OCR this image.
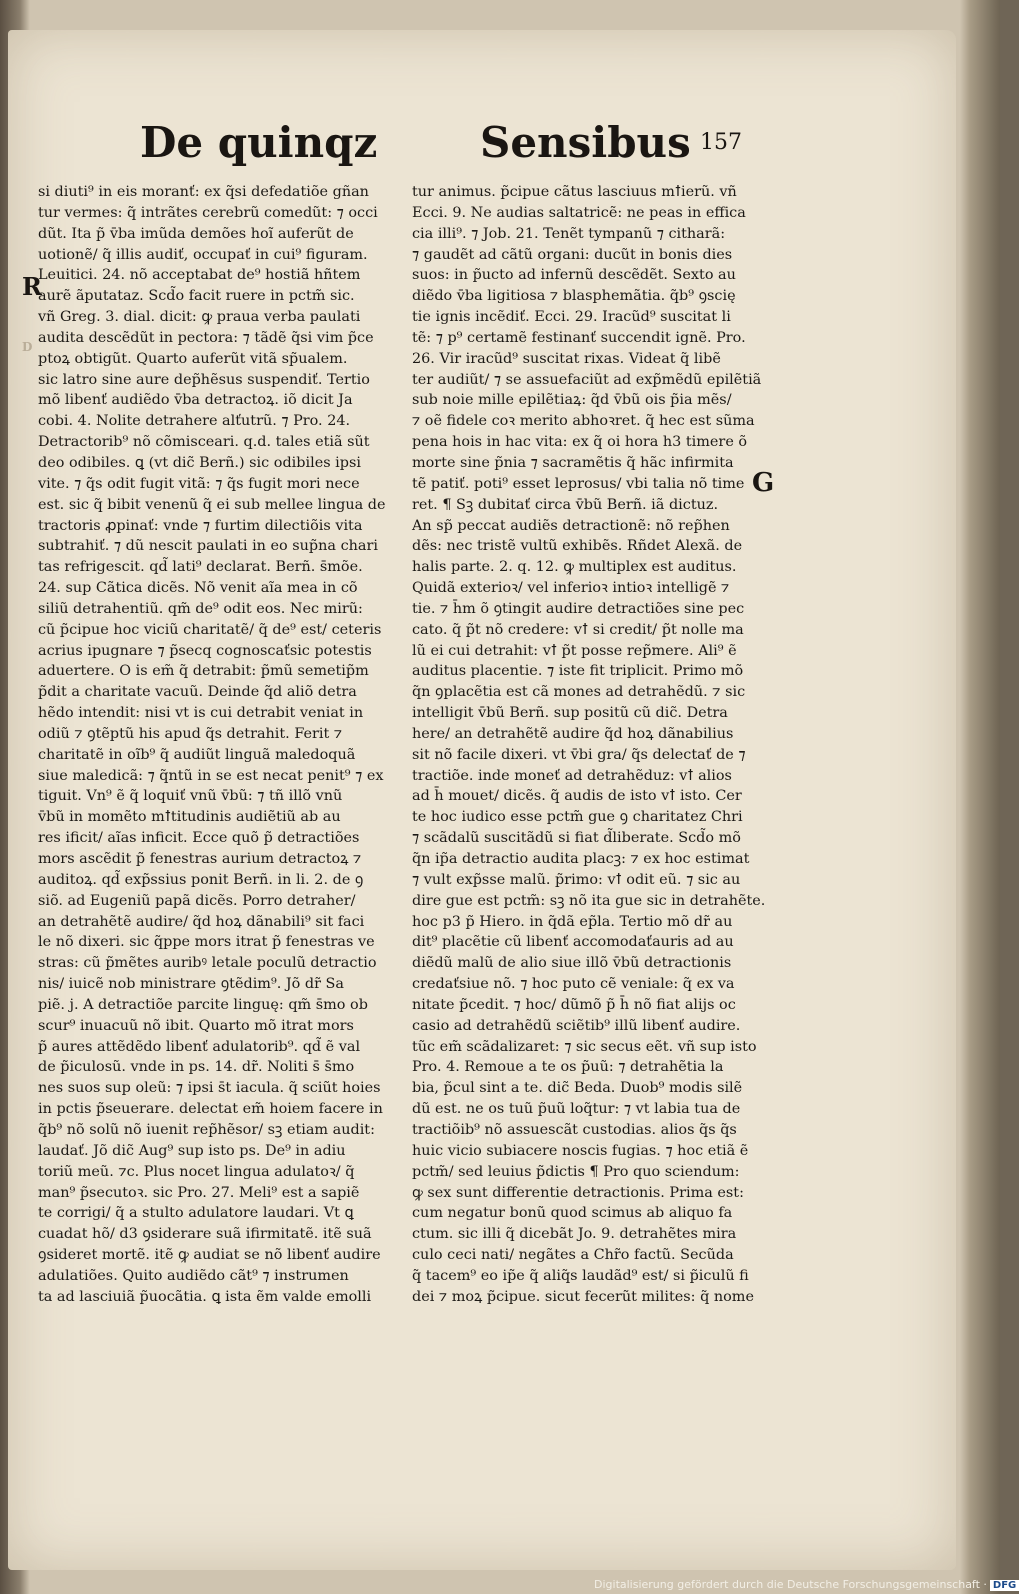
De quinqz Sensibus 157
R
D
G
si diuti⁹ in eis moranť: ex q̃si defedatiõe gñan
tur vermes: q̃ intrãtes cerebrũ comedũt: ⁊ occi
dũt. Ita p̃ v̄ba imũda demões hoĩ auferũt de
uotionẽ/ q̃ illis audiť, occupať in cui⁹ figuram.
Leuitici. 24. nõ acceptabat de⁹ hostiã hñtem
aurẽ ãputataz. Scd̃o facit ruere in pctm̃ sic.
vñ Greg. 3. dial. dicit: ꝙ praua verba paulati
audita descẽdũt in pectora: ⁊ tãdẽ q̃si vim p̃ce
ptoꝝ obtigũt. Quarto auferũt vitã sp̃ualem.
sic latro sine aure dep̃hẽsus suspendiť. Tertio
mõ libenť audiẽdo v̄ba detractoꝝ. iõ dicit Ja
cobi. 4. Nolite detrahere alťutrũ. ⁊ Pro. 24.
Detractorib⁹ nõ cõmisceari. q.d. tales etiã sũt
deo odibiles. ꝗ (vt dic̃ Berñ.) sic odibiles ipsi
vite. ⁊ q̃s odit fugit vitã: ⁊ q̃s fugit mori nece
est. sic q̃ bibit venenũ q̃ ei sub mellee lingua de
tractoris ꝓpinať: vnde ⁊ furtim dilectiõis vita
subtrahiť. ⁊ dũ nescit paulati in eo sup̃na chari
tas refrigescit. qd̃ lati⁹ declarat. Berñ. s̄mõe.
24. sup Cãtica dicẽs. Nõ venit aĩa mea in cõ
siliũ detrahentiũ. qm̃ de⁹ odit eos. Nec mirũ:
cũ p̃cipue hoc viciũ charitatẽ/ q̃ de⁹ est/ ceteris
acrius ipugnare ⁊ p̃secq cognoscaťsic potestis
aduertere. O is em̃ q̃ detrabit: p̃mũ semetip̃m
p̃dit a charitate vacuũ. Deinde q̃d aliõ detra
hẽdo intendit: nisi vt is cui detrabit veniat in
odiũ ⁊ ꝯtẽptũ his apud q̃s detrahit. Ferit ⁊
charitatẽ in oĩb⁹ q̃ audiũt linguã maledoquã
siue maledicã: ⁊ q̃ntũ in se est necat penit⁹ ⁊ ex
tiguit. Vn⁹ ẽ q̃ loquiť vnũ v̄bũ: ⁊ tñ illõ vnũ
v̄bũ in momẽto mꝉtitudinis audiẽtiũ ab au
res ificit/ aĩas inficit. Ecce quõ p̃ detractiões
mors ascẽdit p̃ fenestras aurium detractoꝝ ⁊
auditoꝝ. qd̃ exp̃ssius ponit Berñ. in li. 2. de ꝯ
siõ. ad Eugeniũ papã dicẽs. Porro detraher/
an detrahẽtẽ audire/ q̃d hoꝝ dãnabili⁹ sit faci
le nõ dixeri. sic q̃ppe mors itrat p̃ fenestras ve
stras: cũ p̃mẽtes auribꝰ letale poculũ detractio
nis/ iuicẽ nob ministrare ꝯtẽdim⁹. Jõ dr̃ Sa
piẽ. j. A detractiõe parcite linguę: qm̃ s̄mo ob
scur⁹ inuacuũ nõ ibit. Quarto mõ itrat mors
p̃ aures attẽdẽdo libenť adulatorib⁹. qd̃ ẽ val
de p̃iculosũ. vnde in ps. 14. dr̃. Noliti s̄ s̄mo
nes suos sup oleũ: ⁊ ipsi s̄t iacula. q̃ sciũt hoies
in pctis p̃seuerare. delectat em̃ hoiem facere in
q̃b⁹ nõ solũ nõ iuenit rep̃hẽsor/ sꝫ etiam audit:
laudať. Jõ dic̃ Aug⁹ sup isto ps. De⁹ in adiu
toriũ meũ. ⁊c. Plus nocet lingua adulatoꝛ/ q̃
man⁹ p̃secutoꝛ. sic Pro. 27. Meli⁹ est a sapiẽ
te corrigi/ q̃ a stulto adulatore laudari. Vt ꝗ
cuadat hõ/ d3 ꝯsiderare suã ifirmitatẽ. itẽ suã
ꝯsideret mortẽ. itẽ ꝙ audiat se nõ libenť audire
adulatiões. Quito audiẽdo cãt⁹ ⁊ instrumen
ta ad lasciuiã p̃uocãtia. ꝗ ista ẽm valde emolli
tur animus. p̃cipue cãtus lasciuus mꝉierũ. vñ
Ecci. 9. Ne audias saltatricẽ: ne peas in effica
cia illi⁹. ⁊ Job. 21. Tenẽt tympanũ ⁊ citharã:
⁊ gaudẽt ad cãtũ organi: ducũt in bonis dies
suos: in p̃ucto ad infernũ descẽdẽt. Sexto au
diẽdo v̄ba ligitiosa ⁊ blasphemãtia. q̃b⁹ ꝯscię
tie ignis incẽdiť. Ecci. 29. Iracũd⁹ suscitat li
tẽ: ⁊ p⁹ certamẽ festinanť succendit ignẽ. Pro.
26. Vir iracũd⁹ suscitat rixas. Videat q̃ libẽ
ter audiũt/ ⁊ se assuefaciũt ad exp̃mẽdũ epilẽtiã
sub noie mille epilẽtiaꝝ: q̃d v̄bũ ois p̃ia mẽs/
⁊ oẽ fidele coꝛ merito abhoꝛret. q̃ hec est sũma
pena hois in hac vita: ex q̃ oi hora h3 timere õ
morte sine p̃nia ⁊ sacramẽtis q̃ hãc infirmita
tẽ patiť. poti⁹ esset leprosus/ vbi talia nõ time
ret. ¶ Sꝫ dubitať circa v̄bũ Berñ. iã dictuz.
An sp̃ peccat audiẽs detractionẽ: nõ rep̃hen
dẽs: nec tristẽ vultũ exhibẽs. Rñdet Alexã. de
halis parte. 2. q. 12. ꝙ multiplex est auditus.
Quidã exterioꝛ/ vel inferioꝛ intioꝛ intelligẽ ⁊
tie. ⁊ h̄m õ ꝯtingit audire detractiões sine pec
cato. q̃ p̃t nõ credere: vꝉ si credit/ p̃t nolle ma
lũ ei cui detrahit: vꝉ p̃t posse rep̃mere. Ali⁹ ẽ
auditus placentie. ⁊ iste fit triplicit. Primo mõ
q̃n ꝯplacẽtia est cã mones ad detrahẽdũ. ⁊ sic
intelligit v̄bũ Berñ. sup positũ cũ dic̃. Detra
here/ an detrahẽtẽ audire q̃d hoꝝ dãnabilius
sit nõ facile dixeri. vt v̄bi gra/ q̃s delectať de ⁊
tractiõe. inde moneť ad detrahẽduz: vꝉ alios
ad h̄ mouet/ dicẽs. q̃ audis de isto vꝉ isto. Cer
te hoc iudico esse pctm̃ gue ꝯ charitatez Chri
⁊ scãdalũ suscitãdũ si fiat d̃liberate. Scd̃o mõ
q̃n ip̃a detractio audita placꝫ: ⁊ ex hoc estimat
⁊ vult exp̃sse malũ. p̃rimo: vꝉ odit eũ. ⁊ sic au
dire gue est pctm̃: sꝫ nõ ita gue sic in detrahẽte.
hoc p3 p̃ Hiero. in q̃dã ep̃la. Tertio mõ dr̃ au
dit⁹ placẽtie cũ libenť accomodaťauris ad au
diẽdũ malũ de alio siue illõ v̄bũ detractionis
credaťsiue nõ. ⁊ hoc puto cẽ veniale: q̃ ex va
nitate p̃cedit. ⁊ hoc/ dũmõ p̃ h̄ nõ fiat alijs oc
casio ad detrahẽdũ sciẽtib⁹ illũ libenť audire.
tũc em̃ scãdalizaret: ⁊ sic secus eẽt. vñ sup isto
Pro. 4. Remoue a te os p̃uũ: ⁊ detrahẽtia la
bia, p̃cul sint a te. dic̃ Beda. Duob⁹ modis silẽ
dũ est. ne os tuũ p̃uũ loq̃tur: ⁊ vt labia tua de
tractiõib⁹ nõ assuescãt custodias. alios q̃s q̃s
huic vicio subiacere noscis fugias. ⁊ hoc etiã ẽ
pctm̃/ sed leuius p̃dictis ¶ Pro quo sciendum:
ꝙ sex sunt differentie detractionis. Prima est:
cum negatur bonũ quod scimus ab aliquo fa
ctum. sic illi q̃ dicebãt Jo. 9. detrahẽtes mira
culo ceci nati/ negãtes a Chr̃o factũ. Secũda
q̃ tacem⁹ eo ip̃e q̃ aliq̃s laudãd⁹ est/ si p̃iculũ fi
dei ⁊ moꝝ p̃cipue. sicut fecerũt milites: q̃ nome
Digitalisierung gefördert durch die Deutsche Forschungsgemeinschaft · DFG
